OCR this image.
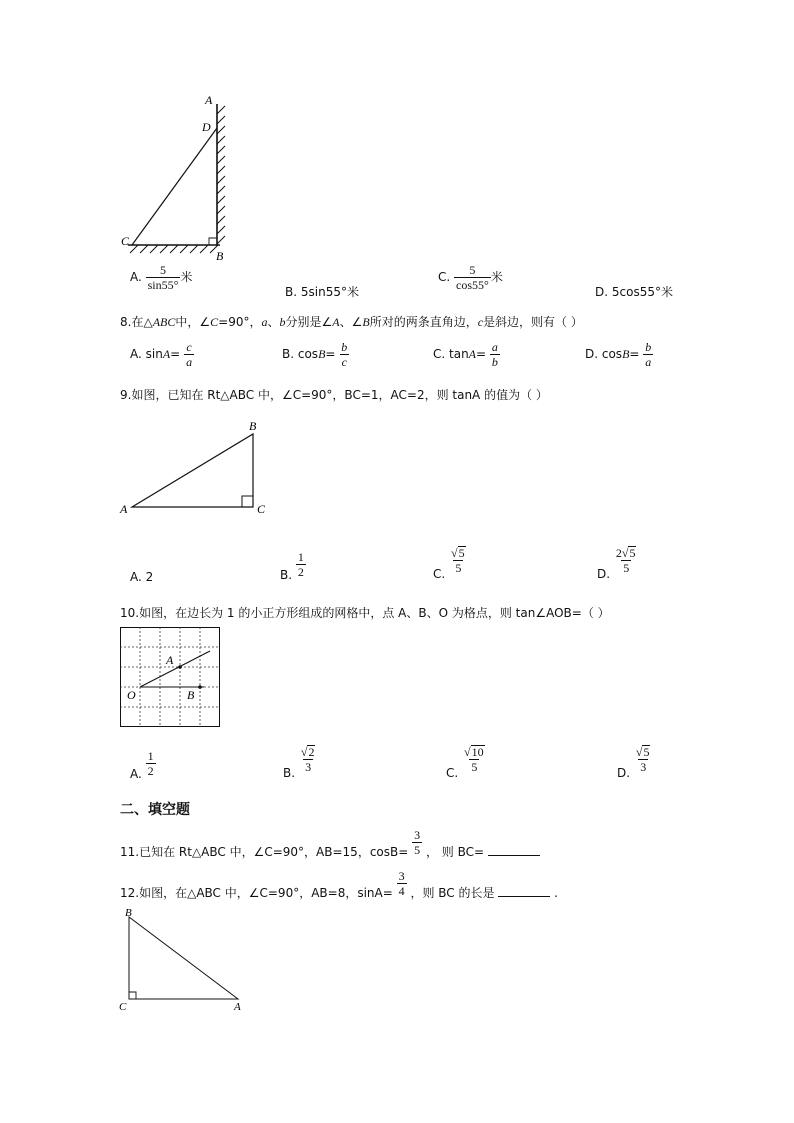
A
D
C
B
A. $\frac{5}{\sin 55^\circ}$ 米
B. 5sin55°米
C. $\frac{5}{\cos 55^\circ}$ 米
D. 5cos55°米
8.在△ABC中，∠C=90°，a、b分别是∠A、∠B所对的两条直角边，c是斜边，则有（ ）
A. $\sin A= \frac{c}{a}$	B. $\cos B= \frac{b}{c}$	C. $\tan A= \frac{a}{b}$	D. $\cos B= \frac{b}{a}$
9.如图，已知在 Rt△ABC 中，∠C=90°，BC=1，AC=2，则 tanA 的值为（ ）
A
B
C
A. 2	B. $\frac{1}{2}$	C. $\frac{√ 5}{5}$	D. $\frac{2√ 5}{5}$
10.如图，在边长为 1 的小正方形组成的网格中，点 A、B、O 为格点，则 tan∠AOB=（ ）
A
O	B
A. $\frac{1}{2}$	B. $\frac{√ 2}{3}$	C. $\frac{√ 10}{5}$	D. $\frac{√ 5}{3}$
二、填空题
11.已知在 Rt△ABC 中，∠C=90°，AB=15，$\cos B= \frac{3}{5}$ ， 则 BC=
12.如图，在△ABC 中，∠C=90°，AB=8，$\sin A= \frac{3}{4}$ ，则 BC 的长是	.
B
C	A
